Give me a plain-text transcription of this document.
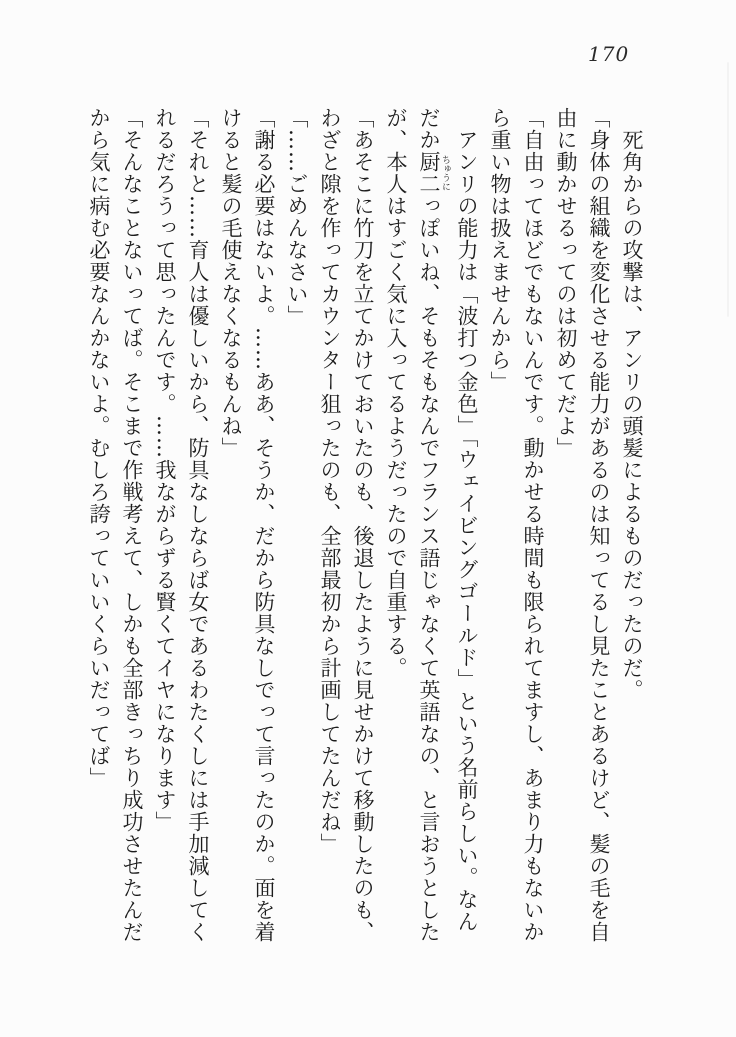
170

死角からの攻撃は、アンリの頭髪によるものだったのだ。

「身体の組織を変化させる能力があるのは知ってるし見たことあるけど、髪の毛を自

由に動かせるってのは初めてだよ」

「自由ってほどでもないんです。動かせる時間も限られてますし、あまり力もないか

ら重い物は扱えませんから」

アンリの能力は「波打つ金色」「ウェイビングゴールド」という名前らしい。なん

だか厨二 ちゅうにっぽいね、そもそもなんでフランス語じゃなくて英語なの、と言おうとした

が、本人はすごく気に入ってるようだったので自重する。

「あそこに竹刀を立てかけておいたのも、後退したように見せかけて移動したのも、

わざと隙を作ってカウンター狙ったのも、全部最初から計画してたんだね」

「……ごめんなさい」

「謝る必要はないよ。……ああ、そうか、だから防具なしでって言ったのか。面を着

けると髪の毛使えなくなるもんね」

「それと……育人は優しいから、防具なしならば女であるわたくしには手加減してく

れるだろうって思ったんです。……我ながらずる賢くてイヤになります」

「そんなことないってば。そこまで作戦考えて、しかも全部きっちり成功させたんだ

から気に病む必要なんかないよ。むしろ誇っていいくらいだってば」
